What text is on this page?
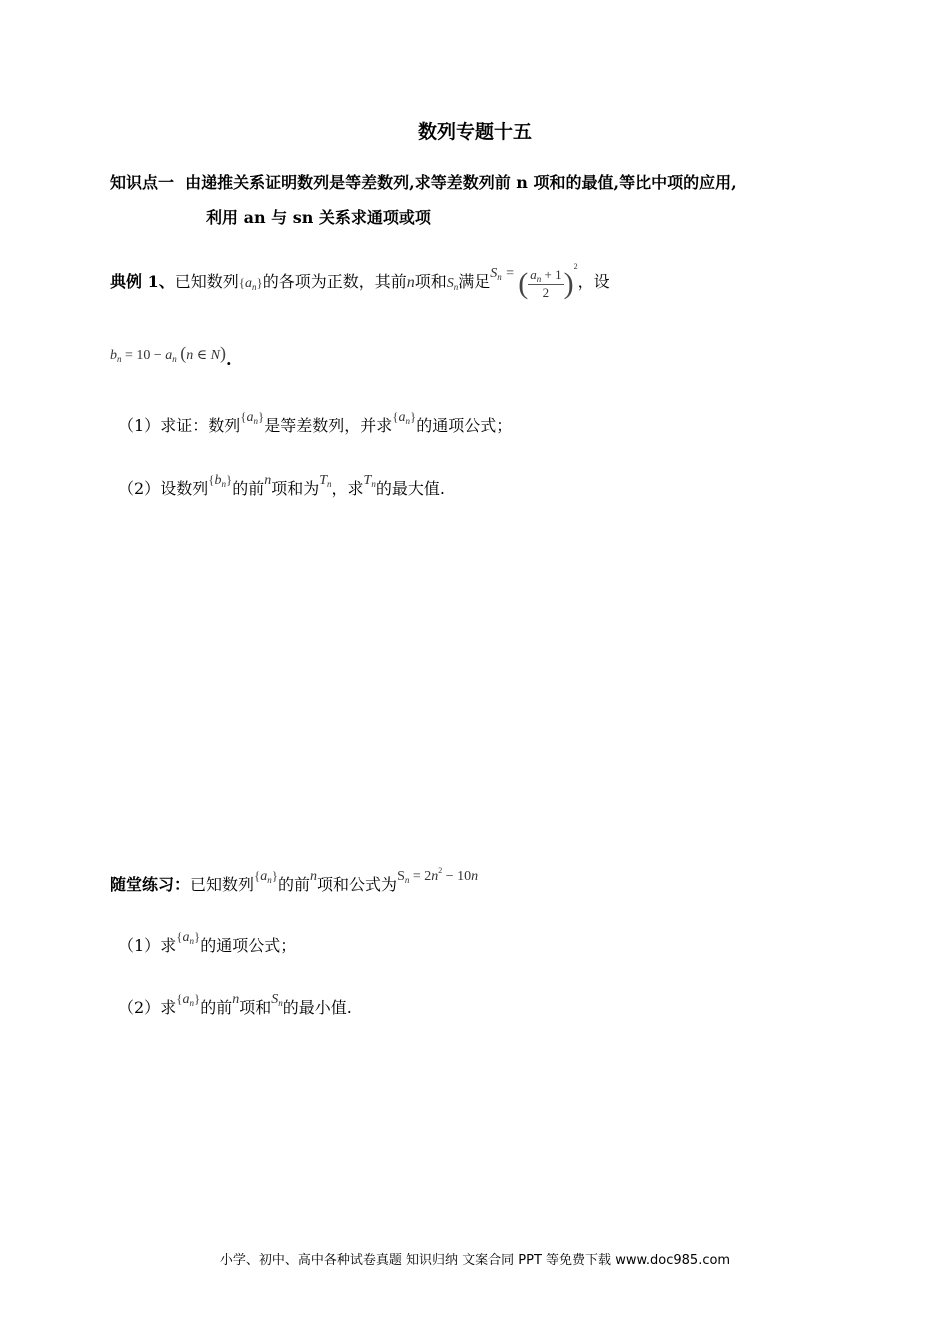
数列专题十五
知识点一 由递推关系证明数列是等差数列,求等差数列前 n 项和的最值,等比中项的应用,
利用 an 与 sn 关系求通项或项
典例 1、已知数列$\{a_n\}$的各项为正数，其前n项和$S_n$满足$S_n$ = ( $\frac{a_n + 1}{2} )^2$，设
$b_n = 10 - a_n$ (n ∈ N).
（1）求证：数列$\{a_n\}$是等差数列，并求$\{a_n\}$的通项公式；
（2）设数列$\{b_n\}$的前n项和为$T_n$，求$T_n$的最大值.
随堂练习：已知数列$\{a_n\}$的前n项和公式为$S_n = 2n^2 - 10n$
（1）求$\{a_n\}$的通项公式；
（2）求$\{a_n\}$的前n项和$S_n$的最小值.
小学、初中、高中各种试卷真题 知识归纳 文案合同 PPT 等免费下载 www.doc985.com
